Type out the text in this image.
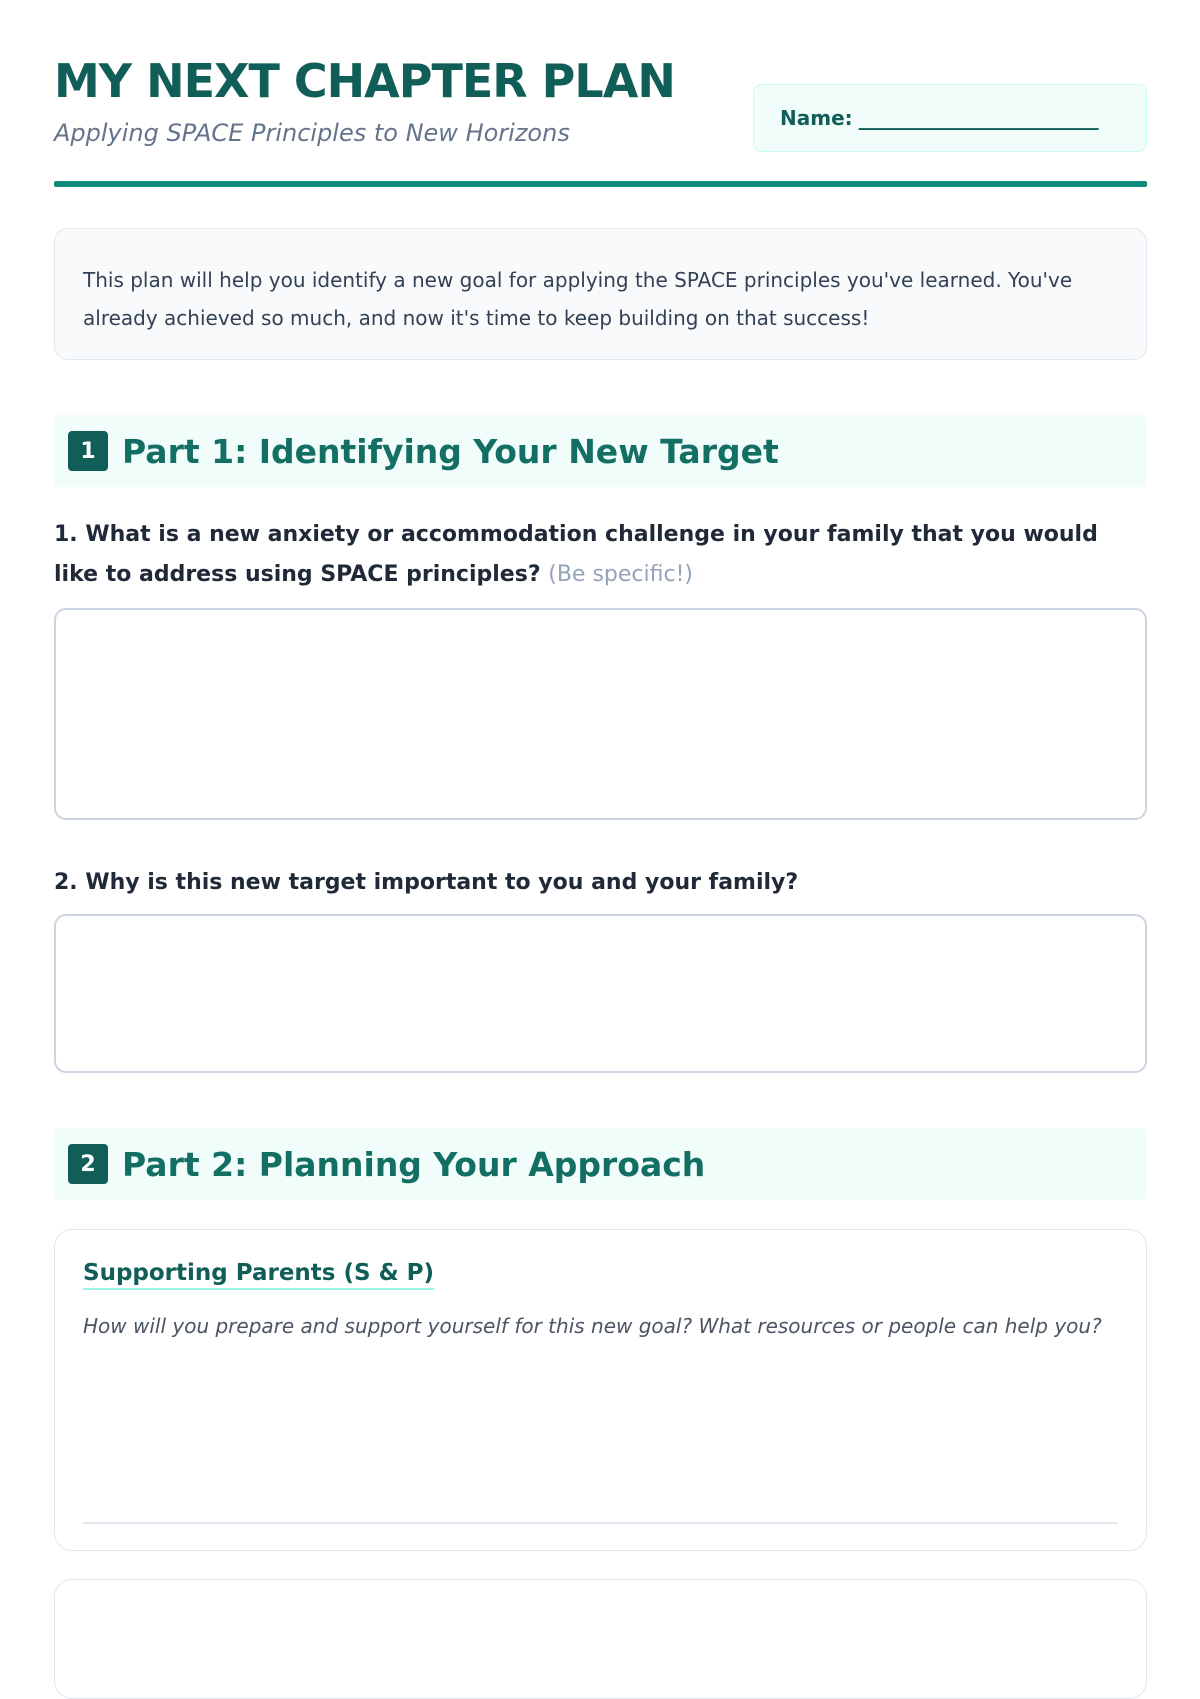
MY NEXT CHAPTER PLAN
Applying SPACE Principles to New Horizons
Name: ________________________
This plan will help you identify a new goal for applying the SPACE principles you've learned. You've already achieved so much, and now it's time to keep building on that success!
1 Part 1: Identifying Your New Target
1. What is a new anxiety or accommodation challenge in your family that you would like to address using SPACE principles? (Be specific!)
2. Why is this new target important to you and your family?
2 Part 2: Planning Your Approach
Supporting Parents (S & P)
How will you prepare and support yourself for this new goal? What resources or people can help you?
